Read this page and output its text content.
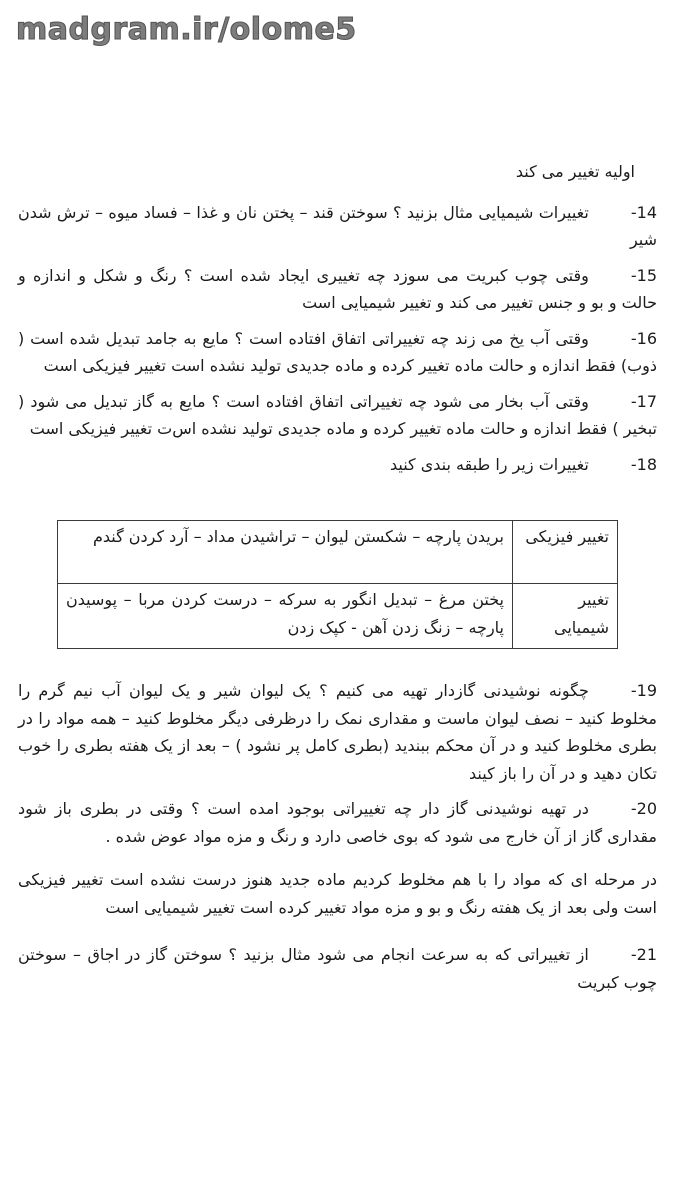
madgram.ir/olome5
اولیه تغییر می کند
-14تغییرات شیمیایی مثال بزنید ؟ سوختن قند – پختن نان و غذا – فساد میوه – ترش شدن شیر
-15وقتی چوب کبریت می سوزد چه تغییری ایجاد شده است ؟ رنگ و شکل و اندازه و حالت و بو و جنس تغییر می کند و تغییر شیمیایی است
-16وقتی آب یخ می زند چه تغییراتی اتفاق افتاده است ؟ مایع به جامد تبدیل شده است ( ذوب) فقط اندازه و حالت ماده تغییر کرده و ماده جدیدی تولید نشده است تغییر فیزیکی است
-17وقتی آب بخار می شود چه تغییراتی اتفاق افتاده است ؟ مایع به گاز تبدیل می شود ( تبخیر ) فقط اندازه و حالت ماده تغییر کرده و ماده جدیدی تولید نشده اس‌ت تغییر فیزیکی است
-18تغییرات زیر را طبقه بندی کنید
تغییر فیزیکی	بریدن پارچه – شکستن لیوان – تراشیدن مداد – آرد کردن گندم
تغییر شیمیایی	پختن مرغ – تبدیل انگور به سرکه – درست کردن مربا – پوسیدن پارچه – زنگ زدن آهن - کپک زدن
-19چگونه نوشیدنی گازدار تهیه می کنیم ؟ یک لیوان شیر و یک لیوان آب نیم گرم را مخلوط کنید – نصف لیوان ماست و مقداری نمک را درظرفی دیگر مخلوط کنید – همه مواد را در بطری مخلوط کنید و در آن محکم ببندید (بطری کامل پر نشود ) – بعد از یک هفته بطری را خوب تکان دهید و در آن را باز کیند
-20در تهیه نوشیدنی گاز دار چه تغییراتی بوجود امده است ؟ وقتی در بطری باز شود مقداری گاز از آن خارج می شود که بوی خاصی دارد و رنگ و مزه مواد عوض شده .
در مرحله ای که مواد را با هم مخلوط کردیم ماده جدید هنوز درست نشده است تغییر فیزیکی است ولی بعد از یک هفته رنگ و بو و مزه مواد تغییر کرده است تغییر شیمیایی است
-21از تغییراتی که به سرعت انجام می شود مثال بزنید ؟ سوختن گاز در اجاق – سوختن چوب کبریت
